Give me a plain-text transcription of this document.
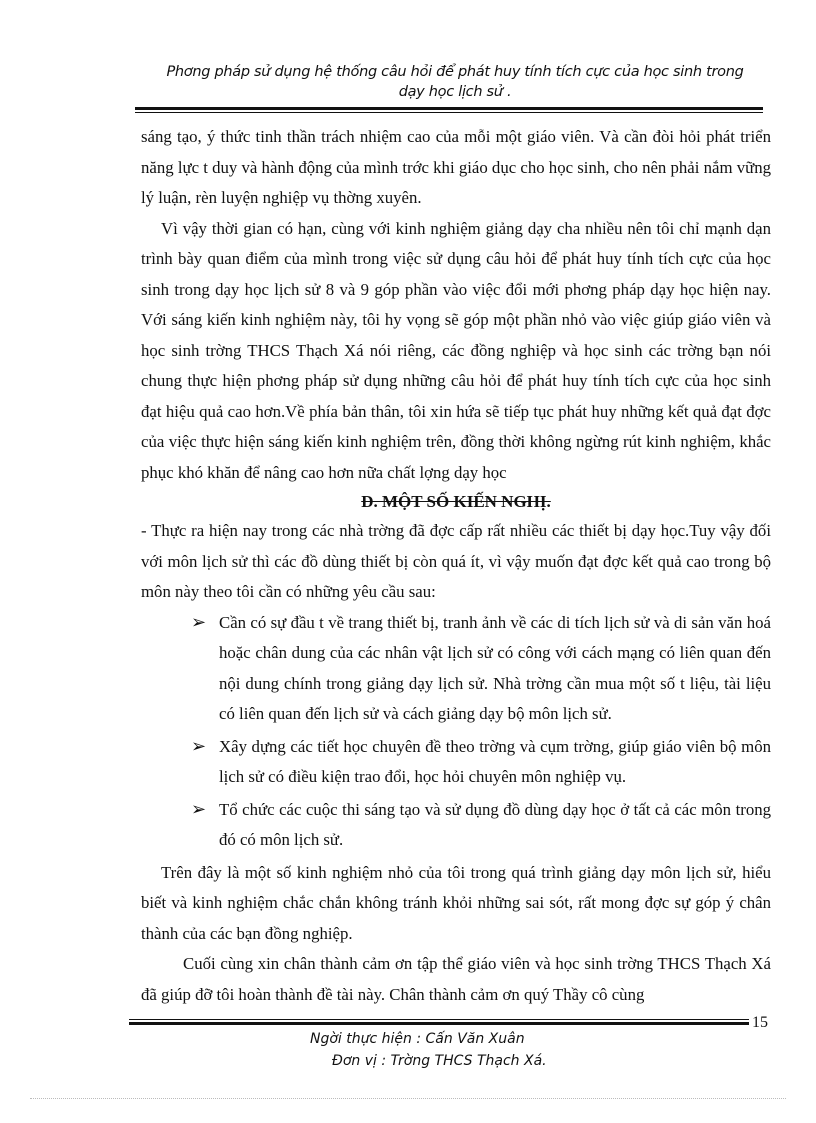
Phơng pháp sử dụng hệ thống câu hỏi để phát huy tính tích cực của học sinh trong
dạy học lịch sử .

sáng tạo, ý thức tinh thần trách nhiệm cao của mỗi một giáo viên. Và cần đòi hỏi phát triển năng lực t duy và hành động của mình trớc khi giáo dục cho học sinh, cho nên phải nắm vững lý luận, rèn luyện nghiệp vụ thờng xuyên.

Vì vậy thời gian có hạn, cùng với kinh nghiệm giảng dạy cha nhiều nên tôi chỉ mạnh dạn trình bày quan điểm của mình trong việc sử dụng câu hỏi để phát huy tính tích cực của học sinh trong dạy học lịch sử 8 và 9 góp phần vào việc đổi mới phơng pháp dạy học hiện nay. Với sáng kiến kinh nghiệm này, tôi hy vọng sẽ góp một phần nhỏ vào việc giúp giáo viên và học sinh trờng THCS Thạch Xá nói riêng, các đồng nghiệp và học sinh các trờng bạn nói chung thực hiện phơng pháp sử dụng những câu hỏi để phát huy tính tích cực của học sinh đạt hiệu quả cao hơn.Về phía bản thân, tôi xin hứa sẽ tiếp tục phát huy những kết quả đạt đợc của việc thực hiện sáng kiến kinh nghiệm trên, đồng thời không ngừng rút kinh nghiệm, khắc phục khó khăn để nâng cao hơn nữa chất lợng dạy học

D. MỘT SỐ KIẾN NGHỊ.

- Thực ra hiện nay trong các nhà trờng đã đợc cấp rất nhiều các thiết bị dạy học.Tuy vậy đối với môn lịch sử thì các đồ dùng thiết bị còn quá ít, vì vậy muốn đạt đợc kết quả cao trong bộ môn này theo tôi cần có những yêu cầu sau:

➢ Cần có sự đầu t về trang thiết bị, tranh ảnh về các di tích lịch sử và di sản văn hoá hoặc chân dung của các nhân vật lịch sử có công với cách mạng có liên quan đến nội dung chính trong giảng dạy lịch sử. Nhà trờng cần mua một số t liệu, tài liệu có liên quan đến lịch sử và cách giảng dạy bộ môn lịch sử.
➢ Xây dựng các tiết học chuyên đề theo trờng và cụm trờng, giúp giáo viên bộ môn lịch sử có điều kiện trao đổi, học hỏi chuyên môn nghiệp vụ.
➢ Tổ chức các cuộc thi sáng tạo và sử dụng đồ dùng dạy học ở tất cả các môn trong đó có môn lịch sử.

Trên đây là một số kinh nghiệm nhỏ của tôi trong quá trình giảng dạy môn lịch sử, hiểu biết và kinh nghiệm chắc chắn không tránh khỏi những sai sót, rất mong đợc sự góp ý chân thành của các bạn đồng nghiệp.

Cuối cùng xin chân thành cảm ơn tập thể giáo viên và học sinh trờng THCS Thạch Xá đã giúp đỡ tôi hoàn thành đề tài này. Chân thành cảm ơn quý Thầy cô cùng

15
Ngời thực hiện : Cấn Văn Xuân
Đơn vị : Trờng THCS Thạch Xá.
